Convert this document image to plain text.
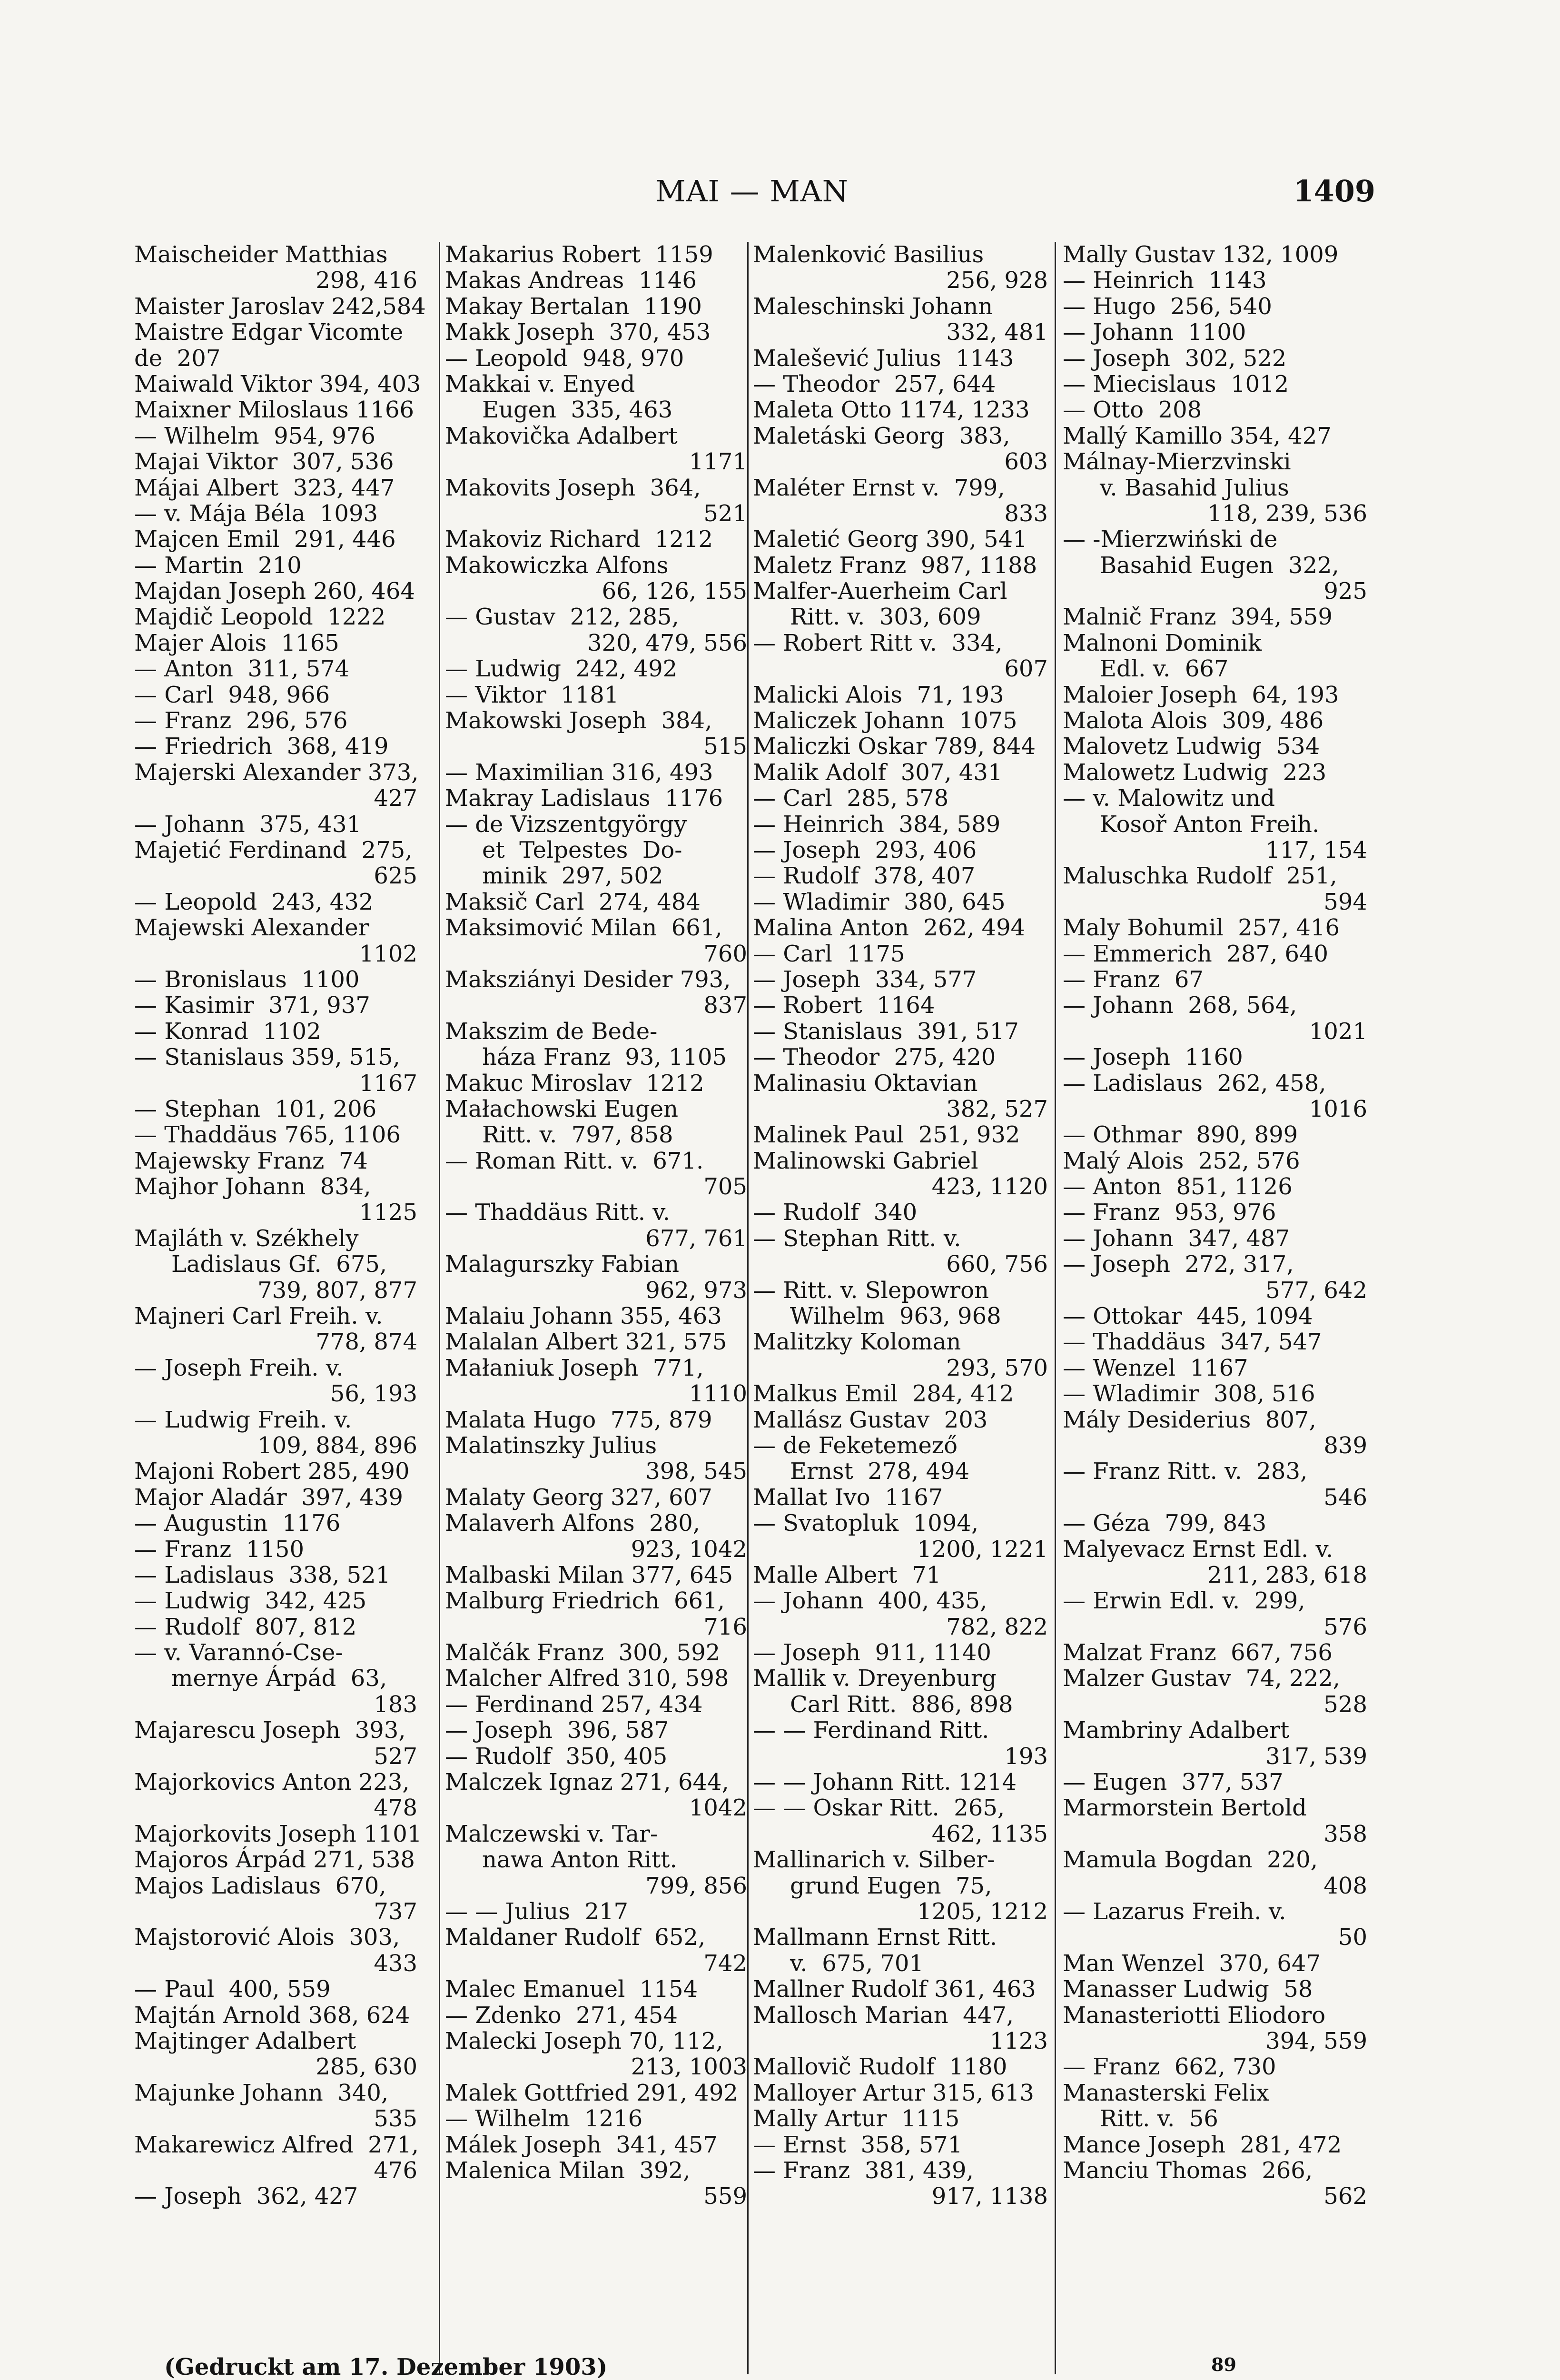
MAI — MAN	1409
Maischeider Matthias
298, 416
Maister Jaroslav 242,584
Maistre Edgar Vicomte
de  207
Maiwald Viktor 394, 403
Maixner Miloslaus 1166
— Wilhelm  954, 976
Majai Viktor  307, 536
Májai Albert  323, 447
— v. Mája Béla  1093
Majcen Emil  291, 446
— Martin  210
Majdan Joseph 260, 464
Majdič Leopold  1222
Majer Alois  1165
— Anton  311, 574
— Carl  948, 966
— Franz  296, 576
— Friedrich  368, 419
Majerski Alexander 373,
427
— Johann  375, 431
Majetić Ferdinand  275,
625
— Leopold  243, 432
Majewski Alexander
1102
— Bronislaus  1100
— Kasimir  371, 937
— Konrad  1102
— Stanislaus 359, 515,
1167
— Stephan  101, 206
— Thaddäus 765, 1106
Majewsky Franz  74
Majhor Johann  834,
1125
Majláth v. Székhely
Ladislaus Gf.  675,
739, 807, 877
Majneri Carl Freih. v.
778, 874
— Joseph Freih. v.
56, 193
— Ludwig Freih. v.
109, 884, 896
Majoni Robert 285, 490
Major Aladár  397, 439
— Augustin  1176
— Franz  1150
— Ladislaus  338, 521
— Ludwig  342, 425
— Rudolf  807, 812
— v. Varannó-Cse-
mernye Árpád  63,
183
Majarescu Joseph  393,
527
Majorkovics Anton 223,
478
Majorkovits Joseph 1101
Majoros Árpád 271, 538
Majos Ladislaus  670,
737
Majstorović Alois  303,
433
— Paul  400, 559
Majtán Arnold 368, 624
Majtinger Adalbert
285, 630
Majunke Johann  340,
535
Makarewicz Alfred  271,
476
— Joseph  362, 427
Makarius Robert  1159
Makas Andreas  1146
Makay Bertalan  1190
Makk Joseph  370, 453
— Leopold  948, 970
Makkai v. Enyed
Eugen  335, 463
Makovička Adalbert
1171
Makovits Joseph  364,
521
Makoviz Richard  1212
Makowiczka Alfons
66, 126, 155
— Gustav  212, 285,
320, 479, 556
— Ludwig  242, 492
— Viktor  1181
Makowski Joseph  384,
515
— Maximilian 316, 493
Makray Ladislaus  1176
— de Vizszentgyörgy
et  Telpestes  Do-
minik  297, 502
Maksič Carl  274, 484
Maksimović Milan  661,
760
Maksziányi Desider 793,
837
Makszim de Bede-
háza Franz  93, 1105
Makuc Miroslav  1212
Małachowski Eugen
Ritt. v.  797, 858
— Roman Ritt. v.  671.
705
— Thaddäus Ritt. v.
677, 761
Malagurszky Fabian
962, 973
Malaiu Johann 355, 463
Malalan Albert 321, 575
Małaniuk Joseph  771,
1110
Malata Hugo  775, 879
Malatinszky Julius
398, 545
Malaty Georg 327, 607
Malaverh Alfons  280,
923, 1042
Malbaski Milan 377, 645
Malburg Friedrich  661,
716
Malčák Franz  300, 592
Malcher Alfred 310, 598
— Ferdinand 257, 434
— Joseph  396, 587
— Rudolf  350, 405
Malczek Ignaz 271, 644,
1042
Malczewski v. Tar-
nawa Anton Ritt.
799, 856
— — Julius  217
Maldaner Rudolf  652,
742
Malec Emanuel  1154
— Zdenko  271, 454
Malecki Joseph 70, 112,
213, 1003
Malek Gottfried 291, 492
— Wilhelm  1216
Málek Joseph  341, 457
Malenica Milan  392,
559
Malenković Basilius
256, 928
Maleschinski Johann
332, 481
Malešević Julius  1143
— Theodor  257, 644
Maleta Otto 1174, 1233
Maletáski Georg  383,
603
Maléter Ernst v.  799,
833
Maletić Georg 390, 541
Maletz Franz  987, 1188
Malfer-Auerheim Carl
Ritt. v.  303, 609
— Robert Ritt v.  334,
607
Malicki Alois  71, 193
Maliczek Johann  1075
Maliczki Oskar 789, 844
Malik Adolf  307, 431
— Carl  285, 578
— Heinrich  384, 589
— Joseph  293, 406
— Rudolf  378, 407
— Wladimir  380, 645
Malina Anton  262, 494
— Carl  1175
— Joseph  334, 577
— Robert  1164
— Stanislaus  391, 517
— Theodor  275, 420
Malinasiu Oktavian
382, 527
Malinek Paul  251, 932
Malinowski Gabriel
423, 1120
— Rudolf  340
— Stephan Ritt. v.
660, 756
— Ritt. v. Slepowron
Wilhelm  963, 968
Malitzky Koloman
293, 570
Malkus Emil  284, 412
Mallász Gustav  203
— de Feketemező
Ernst  278, 494
Mallat Ivo  1167
— Svatopluk  1094,
1200, 1221
Malle Albert  71
— Johann  400, 435,
782, 822
— Joseph  911, 1140
Mallik v. Dreyenburg
Carl Ritt.  886, 898
— — Ferdinand Ritt.
193
— — Johann Ritt. 1214
— — Oskar Ritt.  265,
462, 1135
Mallinarich v. Silber-
grund Eugen  75,
1205, 1212
Mallmann Ernst Ritt.
v.  675, 701
Mallner Rudolf 361, 463
Mallosch Marian  447,
1123
Mallovič Rudolf  1180
Malloyer Artur 315, 613
Mally Artur  1115
— Ernst  358, 571
— Franz  381, 439,
917, 1138
Mally Gustav 132, 1009
— Heinrich  1143
— Hugo  256, 540
— Johann  1100
— Joseph  302, 522
— Miecislaus  1012
— Otto  208
Mallý Kamillo 354, 427
Málnay-Mierzvinski
v. Basahid Julius
118, 239, 536
— -Mierzwiński de
Basahid Eugen  322,
925
Malnič Franz  394, 559
Malnoni Dominik
Edl. v.  667
Maloier Joseph  64, 193
Malota Alois  309, 486
Malovetz Ludwig  534
Malowetz Ludwig  223
— v. Malowitz und
Kosoř Anton Freih.
117, 154
Maluschka Rudolf  251,
594
Maly Bohumil  257, 416
— Emmerich  287, 640
— Franz  67
— Johann  268, 564,
1021
— Joseph  1160
— Ladislaus  262, 458,
1016
— Othmar  890, 899
Malý Alois  252, 576
— Anton  851, 1126
— Franz  953, 976
— Johann  347, 487
— Joseph  272, 317,
577, 642
— Ottokar  445, 1094
— Thaddäus  347, 547
— Wenzel  1167
— Wladimir  308, 516
Mály Desiderius  807,
839
— Franz Ritt. v.  283,
546
— Géza  799, 843
Malyevacz Ernst Edl. v.
211, 283, 618
— Erwin Edl. v.  299,
576
Malzat Franz  667, 756
Malzer Gustav  74, 222,
528
Mambriny Adalbert
317, 539
— Eugen  377, 537
Marmorstein Bertold
358
Mamula Bogdan  220,
408
— Lazarus Freih. v.
50
Man Wenzel  370, 647
Manasser Ludwig  58
Manasteriotti Eliodoro
394, 559
— Franz  662, 730
Manasterski Felix
Ritt. v.  56
Mance Joseph  281, 472
Manciu Thomas  266,
562
(Gedruckt am 17. Dezember 1903)	89
